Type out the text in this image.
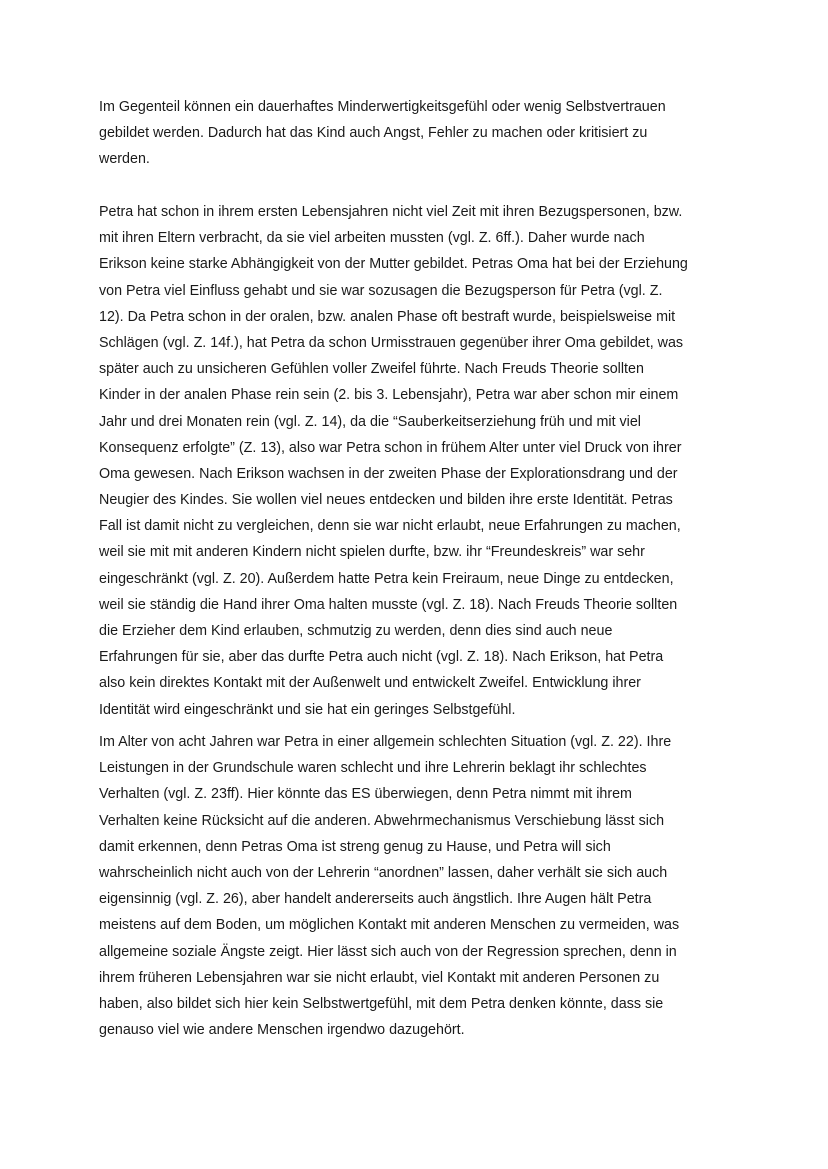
Im Gegenteil können ein dauerhaftes Minderwertigkeitsgefühl oder wenig Selbstvertrauen
gebildet werden. Dadurch hat das Kind auch Angst, Fehler zu machen oder kritisiert zu
werden.
Petra hat schon in ihrem ersten Lebensjahren nicht viel Zeit mit ihren Bezugspersonen, bzw.
mit ihren Eltern verbracht, da sie viel arbeiten mussten (vgl. Z. 6ff.). Daher wurde nach
Erikson keine starke Abhängigkeit von der Mutter gebildet. Petras Oma hat bei der Erziehung
von Petra viel Einfluss gehabt und sie war sozusagen die Bezugsperson für Petra (vgl. Z.
12). Da Petra schon in der oralen, bzw. analen Phase oft bestraft wurde, beispielsweise mit
Schlägen (vgl. Z. 14f.), hat Petra da schon Urmisstrauen gegenüber ihrer Oma gebildet, was
später auch zu unsicheren Gefühlen voller Zweifel führte. Nach Freuds Theorie sollten
Kinder in der analen Phase rein sein (2. bis 3. Lebensjahr), Petra war aber schon mir einem
Jahr und drei Monaten rein (vgl. Z. 14), da die “Sauberkeitserziehung früh und mit viel
Konsequenz erfolgte” (Z. 13), also war Petra schon in frühem Alter unter viel Druck von ihrer
Oma gewesen. Nach Erikson wachsen in der zweiten Phase der Explorationsdrang und der
Neugier des Kindes. Sie wollen viel neues entdecken und bilden ihre erste Identität. Petras
Fall ist damit nicht zu vergleichen, denn sie war nicht erlaubt, neue Erfahrungen zu machen,
weil sie mit mit anderen Kindern nicht spielen durfte, bzw. ihr “Freundeskreis” war sehr
eingeschränkt (vgl. Z. 20). Außerdem hatte Petra kein Freiraum, neue Dinge zu entdecken,
weil sie ständig die Hand ihrer Oma halten musste (vgl. Z. 18). Nach Freuds Theorie sollten
die Erzieher dem Kind erlauben, schmutzig zu werden, denn dies sind auch neue
Erfahrungen für sie, aber das durfte Petra auch nicht (vgl. Z. 18). Nach Erikson, hat Petra
also kein direktes Kontakt mit der Außenwelt und entwickelt Zweifel. Entwicklung ihrer
Identität wird eingeschränkt und sie hat ein geringes Selbstgefühl.
Im Alter von acht Jahren war Petra in einer allgemein schlechten Situation (vgl. Z. 22). Ihre
Leistungen in der Grundschule waren schlecht und ihre Lehrerin beklagt ihr schlechtes
Verhalten (vgl. Z. 23ff). Hier könnte das ES überwiegen, denn Petra nimmt mit ihrem
Verhalten keine Rücksicht auf die anderen. Abwehrmechanismus Verschiebung lässt sich
damit erkennen, denn Petras Oma ist streng genug zu Hause, und Petra will sich
wahrscheinlich nicht auch von der Lehrerin “anordnen” lassen, daher verhält sie sich auch
eigensinnig (vgl. Z. 26), aber handelt andererseits auch ängstlich. Ihre Augen hält Petra
meistens auf dem Boden, um möglichen Kontakt mit anderen Menschen zu vermeiden, was
allgemeine soziale Ängste zeigt. Hier lässt sich auch von der Regression sprechen, denn in
ihrem früheren Lebensjahren war sie nicht erlaubt, viel Kontakt mit anderen Personen zu
haben, also bildet sich hier kein Selbstwertgefühl, mit dem Petra denken könnte, dass sie
genauso viel wie andere Menschen irgendwo dazugehört.
